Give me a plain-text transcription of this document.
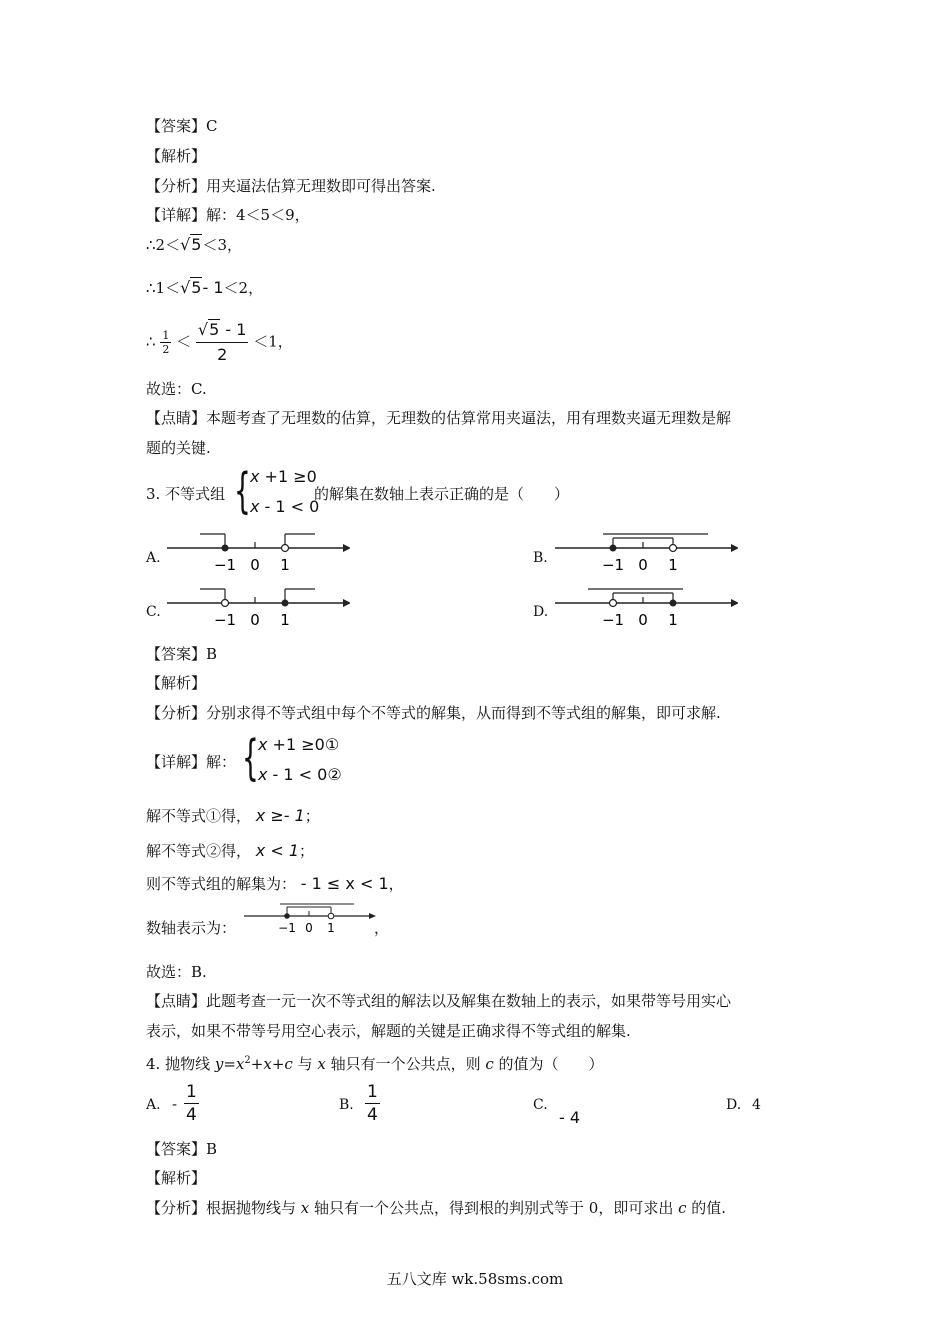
【答案】C
【解析】
【分析】用夹逼法估算无理数即可得出答案.
【详解】解：4＜5＜9，
∴2＜√5＜3，
∴1＜√5- 1＜2，
∴ $\frac{1}{2} < \frac{√5 - 1}{2} <1$，
故选：C.
【点睛】本题考查了无理数的估算，无理数的估算常用夹逼法，用有理数夹逼无理数是解
题的关键.
3. 不等式组 { x +1 ≥0
x - 1 < 0
的解集在数轴上表示正确的是（　　）
A.	−1 0 1	B.	−1 0 1
C.	−1 0 1	D.	−1 0 1
【答案】B
【解析】
【分析】分别求得不等式组中每个不等式的解集，从而得到不等式组的解集，即可求解.
【详解】解： { x +1 ≥0①
x - 1 < 0②
解不等式①得， x ≥- 1；
解不等式②得， x < 1；
则不等式组的解集为： - 1 ≤ x < 1，
数轴表示为：	−1 0 1	，
故选：B.
【点睛】此题考查一元一次不等式组的解法以及解集在数轴上的表示，如果带等号用实心
表示，如果不带等号用空心表示，解题的关键是正确求得不等式组的解集.
4. 抛物线 $y=x^2+x+c$ 与 x 轴只有一个公共点，则 c 的值为（　　）
A. - $\frac{1}{4}$	B. $\frac{1}{4}$	C.
- 4
D. 4
【答案】B
【解析】
【分析】根据抛物线与 x 轴只有一个公共点，得到根的判别式等于 0，即可求出 c 的值.
五八文库 wk.58sms.com
